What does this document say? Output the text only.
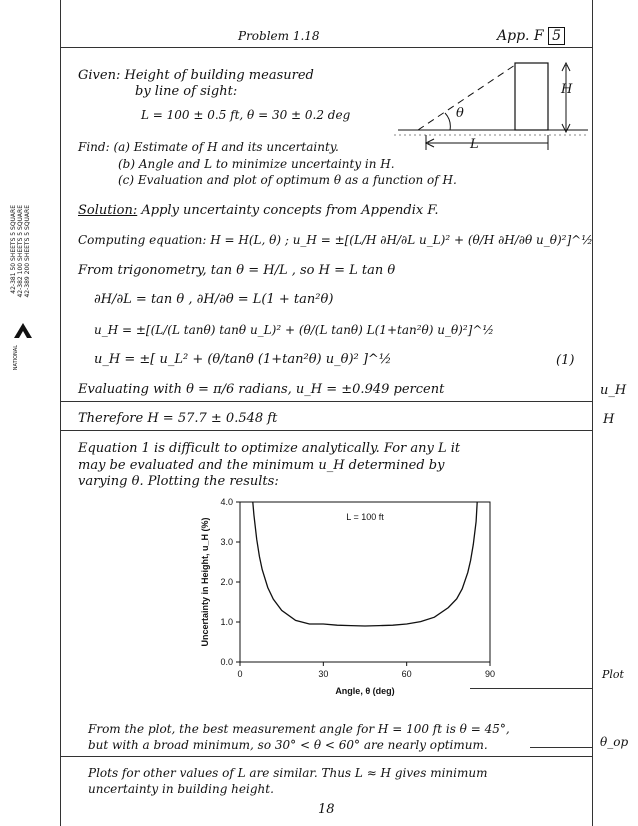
42-381 50 SHEETS 5 SQUARE 42-382 100 SHEETS 5 SQUARE 42-389 200 SHEETS 5 SQUARE
NATIONAL
Problem 1.18	App. F 5
Given: Height of building measured
by line of sight:
L = 100 ± 0.5 ft, θ = 30 ± 0.2 deg
H
L
θ
Find: (a) Estimate of H and its uncertainty.
(b) Angle and L to minimize uncertainty in H.
(c) Evaluation and plot of optimum θ as a function of H.
Solution: Apply uncertainty concepts from Appendix F.
Computing equation: H = H(L, θ) ; u_H = ±[(L/H ∂H/∂L u_L)² + (θ/H ∂H/∂θ u_θ)²]^½
From trigonometry, tan θ = H/L , so H = L tan θ
∂H/∂L = tan θ , ∂H/∂θ = L(1 + tan²θ)
u_H = ±[(L/(L tanθ) tanθ u_L)² + (θ/(L tanθ) L(1+tan²θ) u_θ)²]^½
u_H = ±[ u_L² + (θ/tanθ (1+tan²θ) u_θ)² ]^½	(1)
Evaluating with θ = π/6 radians, u_H = ±0.949 percent
Therefore H = 57.7 ± 0.548 ft
Equation 1 is difficult to optimize analytically. For any L it
may be evaluated and the minimum u_H determined by
varying θ. Plotting the results:
u_H
H
Plot
θ_op
0.0
1.0
2.0
3.0
4.0
0	30	60	90
Angle, θ (deg)
Uncertainty in Height, u_H (%)
L = 100 ft
From the plot, the best measurement angle for H = 100 ft is θ = 45°,
but with a broad minimum, so 30° < θ < 60° are nearly optimum.
Plots for other values of L are similar. Thus L ≈ H gives minimum
uncertainty in building height.
18
